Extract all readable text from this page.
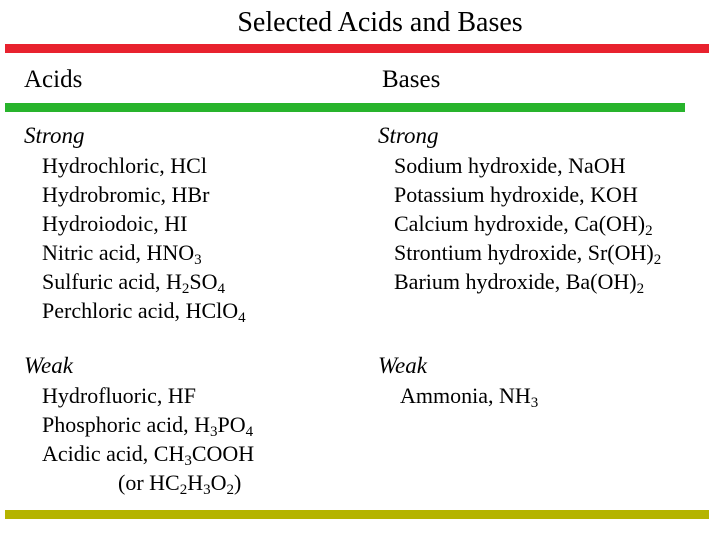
Selected Acids and Bases
Acids	Bases
Strong
Hydrochloric, HCl
Hydrobromic, HBr
Hydroiodoic, HI
Nitric acid, $HNO_3$
Sulfuric acid, $H_2SO_4$
Perchloric acid, HClO$_4$
Weak
Hydrofluoric, HF
Phosphoric acid, $H_3PO_4$
Acidic acid, $CH_3COOH$
(or $HC_2H_3O_2$)
Strong
Sodium hydroxide, NaOH
Potassium hydroxide, KOH
Calcium hydroxide, $Ca(OH)_2$
Strontium hydroxide, $Sr(OH)_2$
Barium hydroxide, $Ba(OH)_2$
Weak
Ammonia, $NH_3$
